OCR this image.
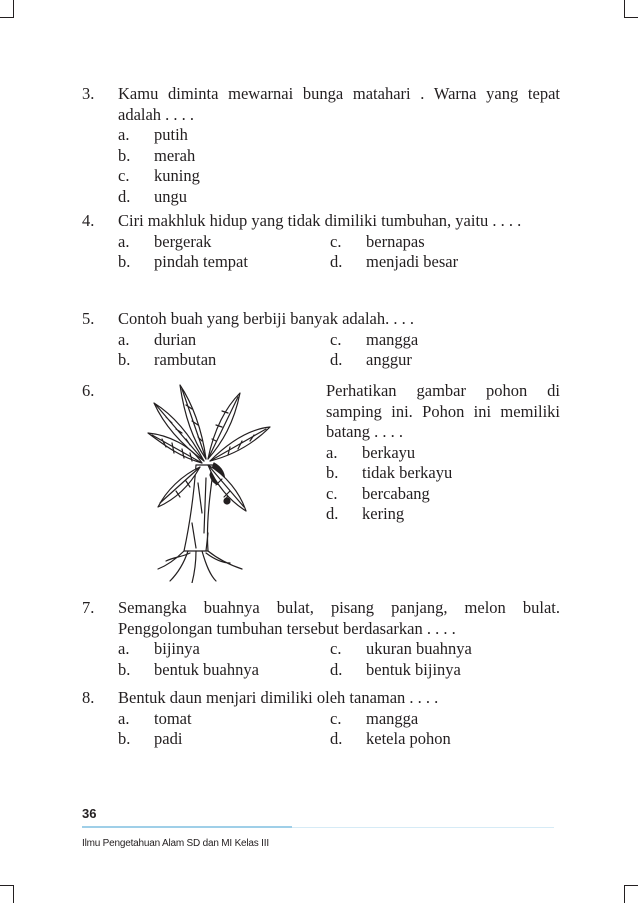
3. Kamu diminta mewarnai bunga matahari . Warna yang tepat adalah . . . .
a.	putih
b.	merah
c.	kuning
d.	ungu
4. Ciri makhluk hidup yang tidak dimiliki tumbuhan, yaitu . . . .
a.	bergerak	c.	bernapas
b.	pindah tempat	d.	menjadi besar
5. Contoh buah yang berbiji banyak adalah. . . .
a.	durian	c.	mangga
b.	rambutan	d.	anggur
6.	Perhatikan gambar pohon di samping ini. Pohon ini memiliki batang . . . .
a.	berkayu
b.	tidak berkayu
c.	bercabang
d.	kering
7. Semangka buahnya bulat, pisang panjang, melon bulat. Penggolongan tumbuhan tersebut berdasarkan . . . .
a.	bijinya	c.	ukuran buahnya
b.	bentuk buahnya	d.	bentuk bijinya
8. Bentuk daun menjari dimiliki oleh tanaman . . . .
a.	tomat	c.	mangga
b.	padi	d.	ketela pohon
36
Ilmu Pengetahuan Alam SD dan MI Kelas III
